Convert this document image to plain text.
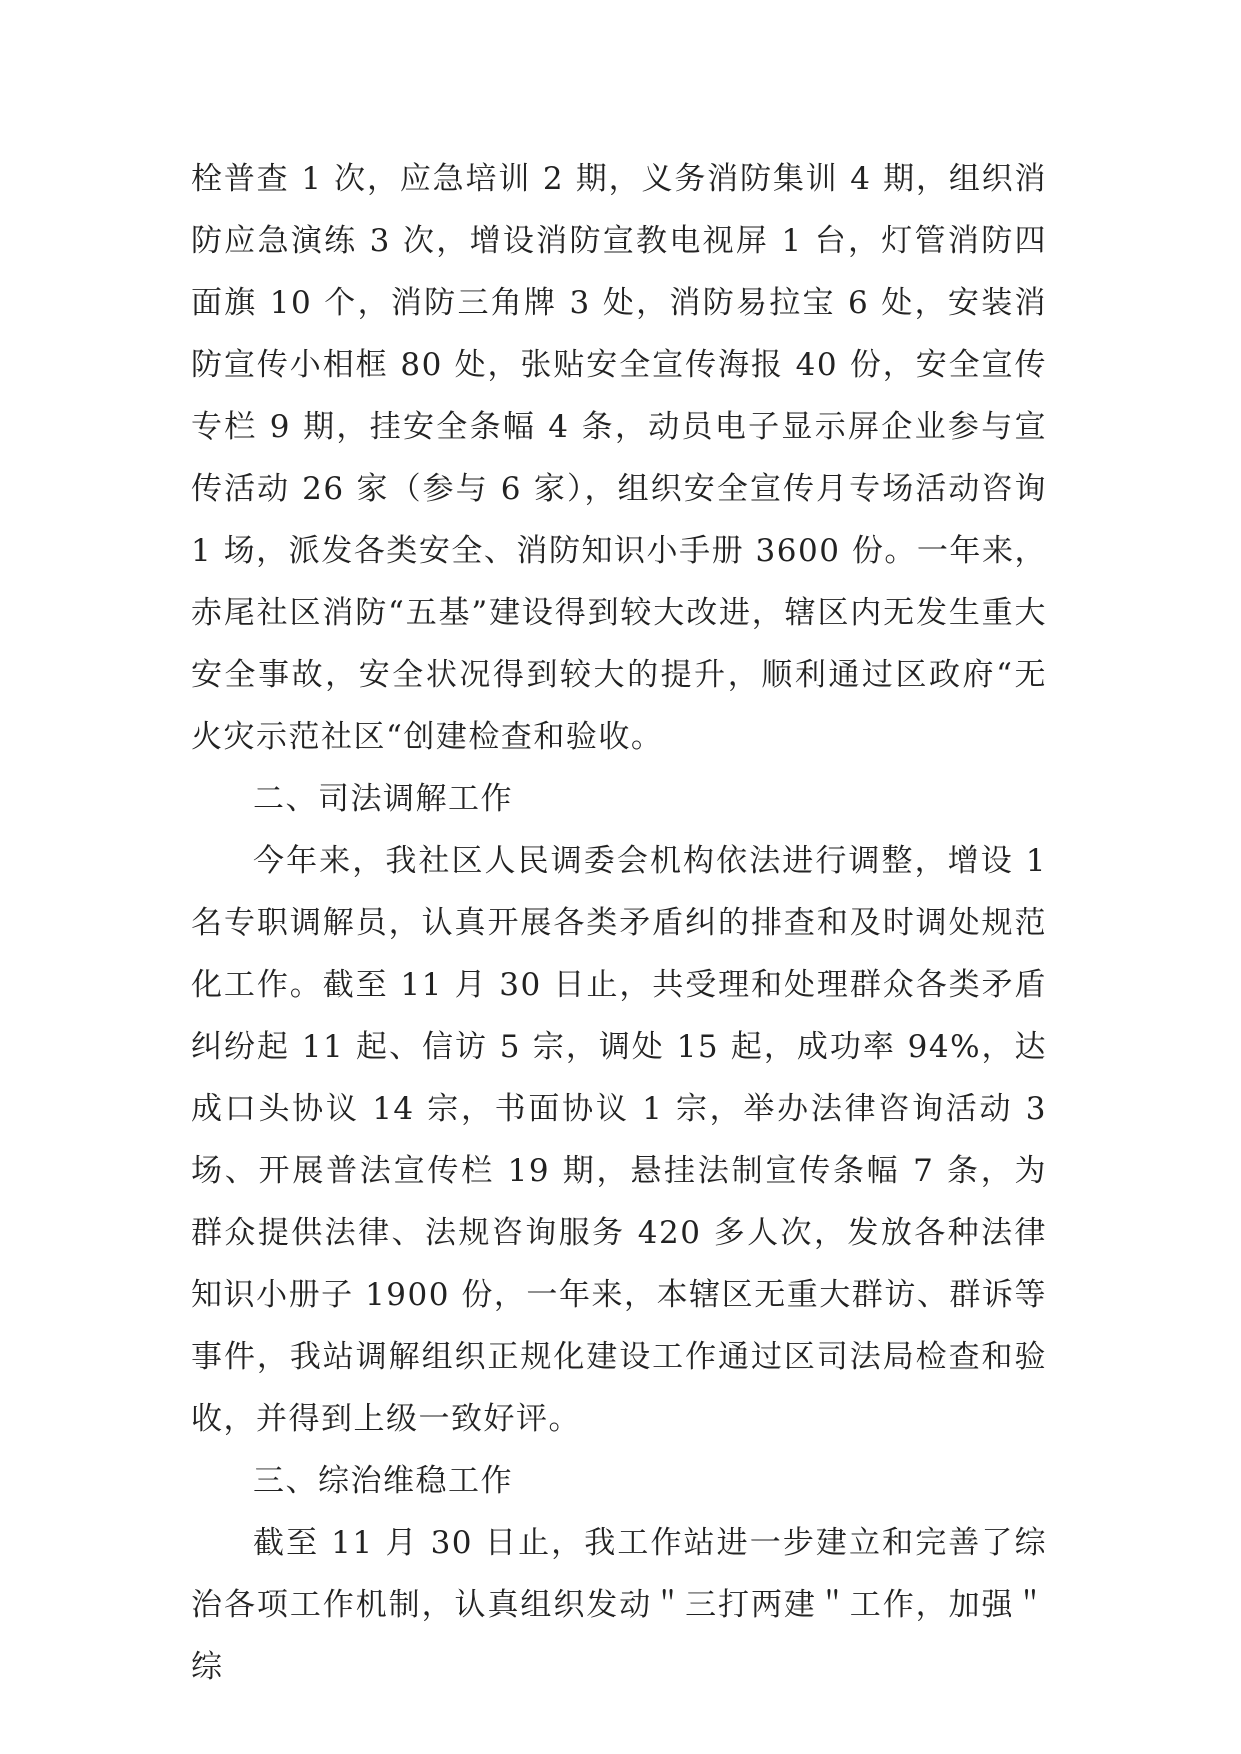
栓普查 1 次，应急培训 2 期，义务消防集训 4 期，组织消防应急演练 3 次，增设消防宣教电视屏 1 台，灯管消防四面旗 10 个，消防三角牌 3 处，消防易拉宝 6 处，安装消防宣传小相框 80 处，张贴安全宣传海报 40 份，安全宣传专栏 9 期，挂安全条幅 4 条，动员电子显示屏企业参与宣传活动 26 家（参与 6 家），组织安全宣传月专场活动咨询 1 场，派发各类安全、消防知识小手册 3600 份。一年来，赤尾社区消防“五基”建设得到较大改进，辖区内无发生重大安全事故，安全状况得到较大的提升，顺利通过区政府“无火灾示范社区“创建检查和验收。

二、司法调解工作

今年来，我社区人民调委会机构依法进行调整，增设 1 名专职调解员，认真开展各类矛盾纠的排查和及时调处规范化工作。截至 11 月 30 日止，共受理和处理群众各类矛盾纠纷起 11 起、信访 5 宗，调处 15 起，成功率 94%，达成口头协议 14 宗，书面协议 1 宗，举办法律咨询活动 3 场、开展普法宣传栏 19 期，悬挂法制宣传条幅 7 条，为群众提供法律、法规咨询服务 420 多人次，发放各种法律知识小册子 1900 份，一年来，本辖区无重大群访、群诉等事件，我站调解组织正规化建设工作通过区司法局检查和验收，并得到上级一致好评。

三、综治维稳工作

截至 11 月 30 日止，我工作站进一步建立和完善了综治各项工作机制，认真组织发动＂三打两建＂工作，加强＂综
